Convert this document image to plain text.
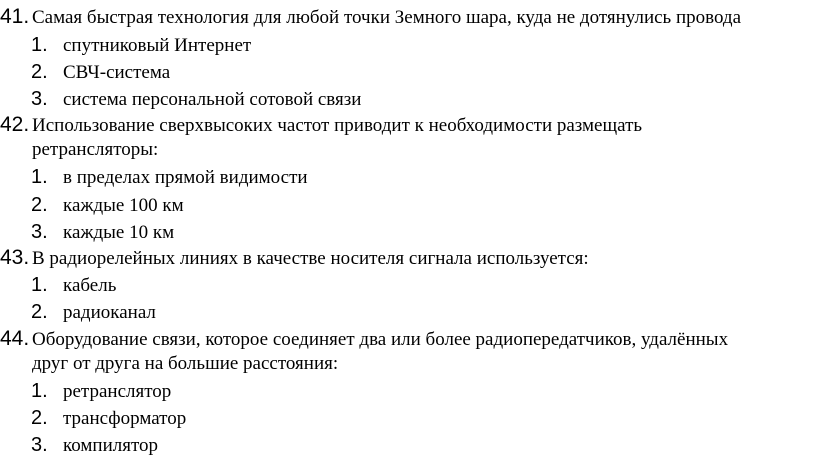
41. Самая быстрая технология для любой точки Земного шара, куда не дотянулись провода
1. спутниковый Интернет
2. СВЧ-система
3. система персональной сотовой связи
42. Использование сверхвысоких частот приводит к необходимости размещать
ретрансляторы:
1. в пределах прямой видимости
2. каждые 100 км
3. каждые 10 км
43. В радиорелейных линиях в качестве носителя сигнала используется:
1. кабель
2. радиоканал
44. Оборудование связи, которое соединяет два или более радиопередатчиков, удалённых
друг от друга на большие расстояния:
1. ретранслятор
2. трансформатор
3. компилятор
